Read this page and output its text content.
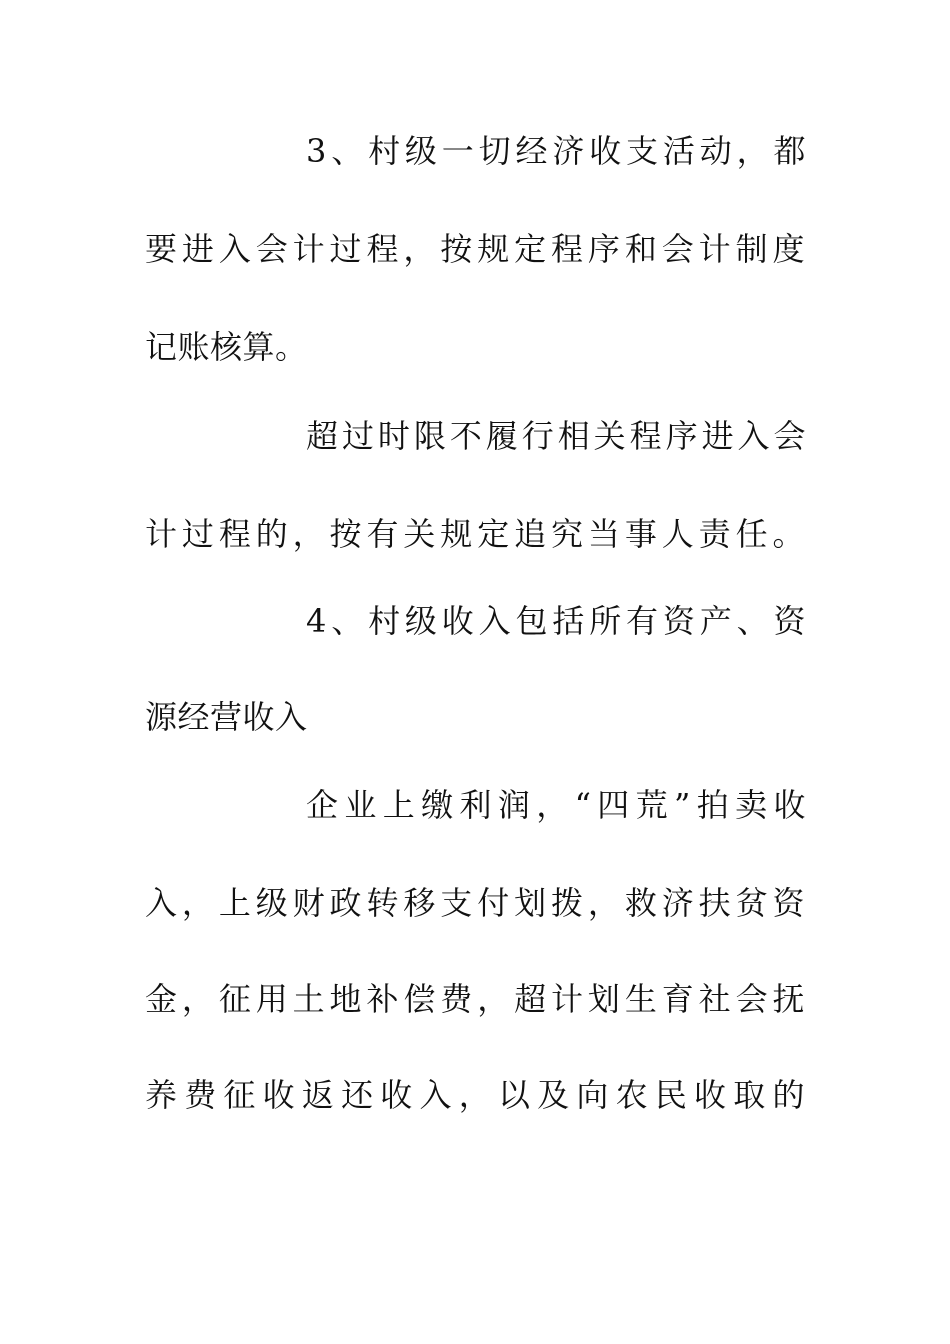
3、村级一切经济收支活动，都
要进入会计过程，按规定程序和会计制度
记账核算。
超过时限不履行相关程序进入会
计过程的，按有关规定追究当事人责任。
4、村级收入包括所有资产、资
源经营收入
企业上缴利润，“四荒”拍卖收
入，上级财政转移支付划拨，救济扶贫资
金，征用土地补偿费，超计划生育社会抚
养费征收返还收入，以及向农民收取的
